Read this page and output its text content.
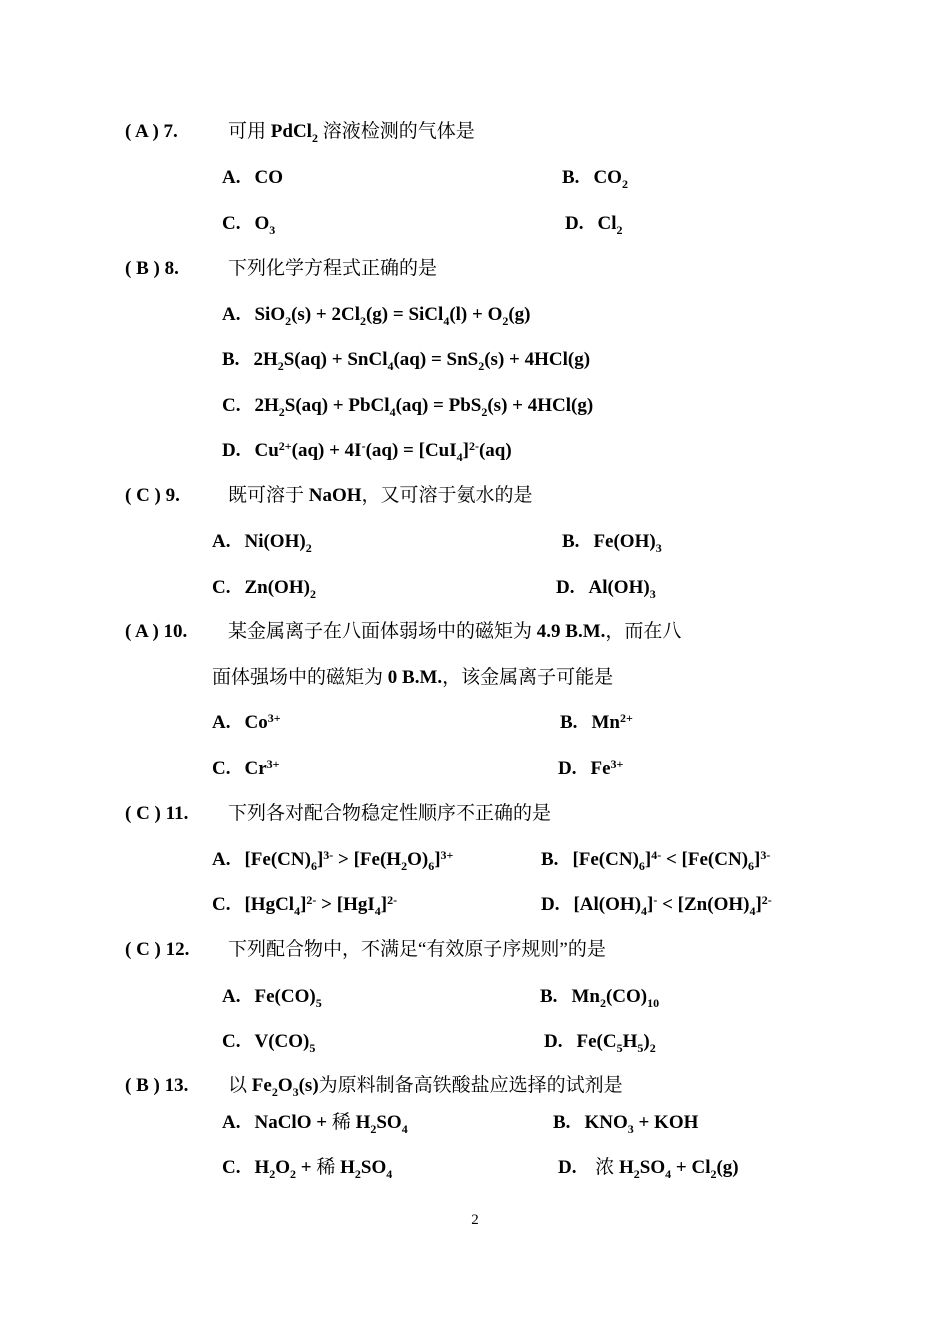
( A ) 7.	可用 PdCl$_2$ 溶液检测的气体是
A. CO	B. $CO_2$
C. $O_3$	D. $Cl_2$
( B ) 8.	下列化学方程式正确的是
A. $SiO_2(s) + 2Cl_2(g)$ = SiCl$_4$(l) + $O_2(g)$
B. $2H_2S(aq)$ + SnCl$_4$(aq) = SnS$_2$(s) + 4HCl(g)
C. $2H_2S(aq)$ + PbCl$_4$(aq) = PbS$_2$(s) + 4HCl(g)
D. $Cu^{2+}(aq) + 4I^-(aq) = [CuI_4]^{2-}(aq)$
( C ) 9.	既可溶于 NaOH，又可溶于氨水的是
A. $Ni(OH)_2$	B. $Fe(OH)_3$
C. $Zn(OH)_2$	D. $Al(OH)_3$
( A ) 10. 某金属离子在八面体弱场中的磁矩为 4.9 B.M.，而在八
面体强场中的磁矩为 0 B.M.，该金属离子可能是
A. $Co^{3+}$	B. $Mn^{2+}$
C. $Cr^{3+}$	D. $Fe^{3+}$
( C ) 11. 下列各对配合物稳定性顺序不正确的是
A. $[Fe(CN)_6]^{3-} > [Fe(H_2O)_6]^{3+}$	B. $[Fe(CN)_6]^{4-} < [Fe(CN)_6]^{3-}$
C. [HgCl$_4$]$^{2-}$ > $[HgI_4]^{2-}$	D. $[Al(OH)_4]^- < [Zn(OH)_4]^{2-}$
( C ) 12. 下列配合物中，不满足“有效原子序规则”的是
A. $Fe(CO)_5$	B. $Mn_2(CO)_{10}$
C. $V(CO)_5$	D. $Fe(C_5H_5)_2$
( B ) 13. 以 $Fe_2O_3(s)$为原料制备高铁酸盐应选择的试剂是
A. NaClO + 稀 $H_2SO_4$	B. $KNO_3$ + KOH
C. $H_2O_2$ + 稀 $H_2SO_4$	D. 浓 $H_2SO_4 + Cl_2(g)$
2
